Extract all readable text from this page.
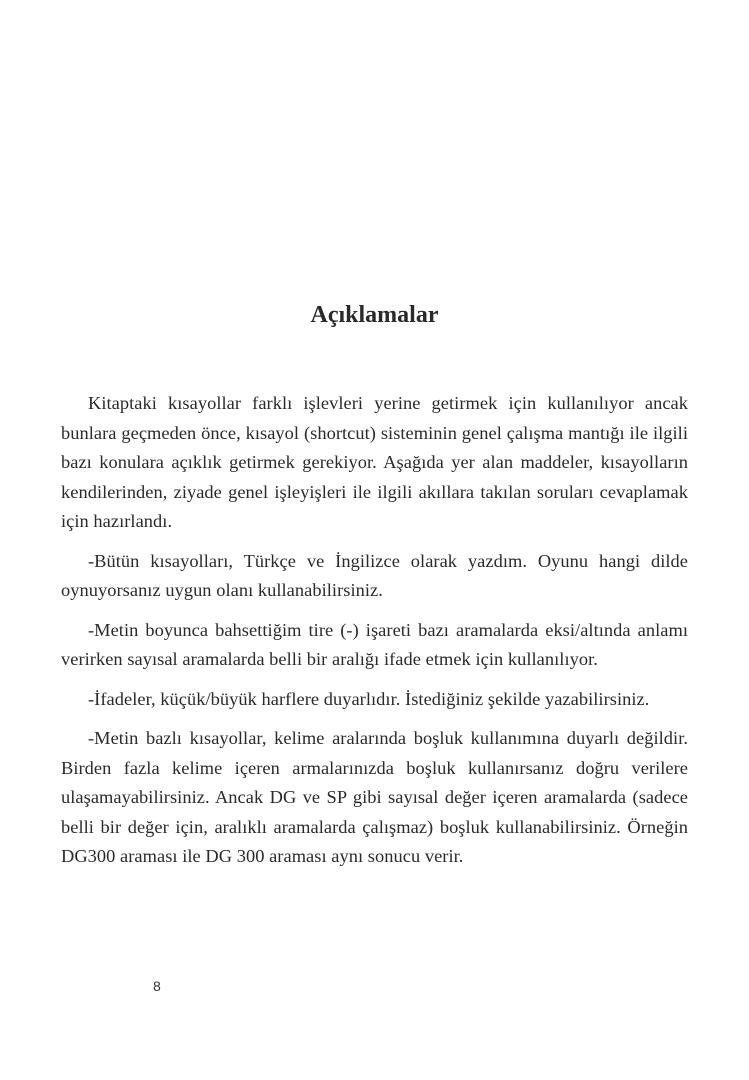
Açıklamalar

Kitaptaki kısayollar farklı işlevleri yerine getirmek için kullanılıyor ancak bunlara geçmeden önce, kısayol (shortcut) sisteminin genel çalışma mantığı ile ilgili bazı konulara açıklık getirmek gerekiyor. Aşağıda yer alan maddeler, kısayolların kendilerinden, ziyade genel işleyişleri ile ilgili akıllara takılan soruları cevaplamak için hazırlandı.

-Bütün kısayolları, Türkçe ve İngilizce olarak yazdım. Oyunu hangi dilde oynuyorsanız uygun olanı kullanabilirsiniz.

-Metin boyunca bahsettiğim tire (-) işareti bazı aramalarda eksi/altında anlamı verirken sayısal aramalarda belli bir aralığı ifade etmek için kullanılıyor.

-İfadeler, küçük/büyük harflere duyarlıdır. İstediğiniz şekilde yazabilirsiniz.

-Metin bazlı kısayollar, kelime aralarında boşluk kullanımına duyarlı değildir. Birden fazla kelime içeren armalarınızda boşluk kullanırsanız doğru verilere ulaşamayabilirsiniz. Ancak DG ve SP gibi sayısal değer içeren aramalarda (sadece belli bir değer için, aralıklı aramalarda çalışmaz) boşluk kullanabilirsiniz. Örneğin DG300 araması ile DG 300 araması aynı sonucu verir.

8
